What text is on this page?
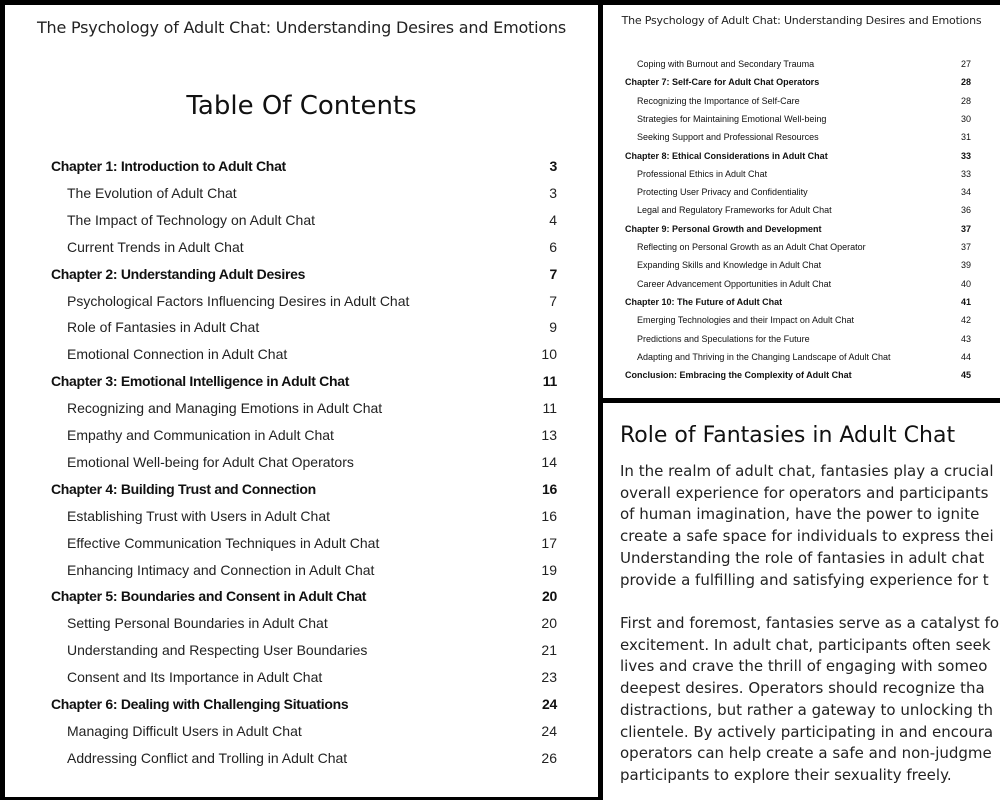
The Psychology of Adult Chat: Understanding Desires and Emotions
Table Of Contents
Chapter 1: Introduction to Adult Chat	3
The Evolution of Adult Chat	3
The Impact of Technology on Adult Chat	4
Current Trends in Adult Chat	6
Chapter 2: Understanding Adult Desires	7
Psychological Factors Influencing Desires in Adult Chat	7
Role of Fantasies in Adult Chat	9
Emotional Connection in Adult Chat	10
Chapter 3: Emotional Intelligence in Adult Chat	11
Recognizing and Managing Emotions in Adult Chat	11
Empathy and Communication in Adult Chat	13
Emotional Well-being for Adult Chat Operators	14
Chapter 4: Building Trust and Connection	16
Establishing Trust with Users in Adult Chat	16
Effective Communication Techniques in Adult Chat	17
Enhancing Intimacy and Connection in Adult Chat	19
Chapter 5: Boundaries and Consent in Adult Chat	20
Setting Personal Boundaries in Adult Chat	20
Understanding and Respecting User Boundaries	21
Consent and Its Importance in Adult Chat	23
Chapter 6: Dealing with Challenging Situations	24
Managing Difficult Users in Adult Chat	24
Addressing Conflict and Trolling in Adult Chat	26
The Psychology of Adult Chat: Understanding Desires and Emotions
Coping with Burnout and Secondary Trauma	27
Chapter 7: Self-Care for Adult Chat Operators	28
Recognizing the Importance of Self-Care	28
Strategies for Maintaining Emotional Well-being	30
Seeking Support and Professional Resources	31
Chapter 8: Ethical Considerations in Adult Chat	33
Professional Ethics in Adult Chat	33
Protecting User Privacy and Confidentiality	34
Legal and Regulatory Frameworks for Adult Chat	36
Chapter 9: Personal Growth and Development	37
Reflecting on Personal Growth as an Adult Chat Operator	37
Expanding Skills and Knowledge in Adult Chat	39
Career Advancement Opportunities in Adult Chat	40
Chapter 10: The Future of Adult Chat	41
Emerging Technologies and their Impact on Adult Chat	42
Predictions and Speculations for the Future	43
Adapting and Thriving in the Changing Landscape of Adult Chat	44
Conclusion: Embracing the Complexity of Adult Chat	45
Role of Fantasies in Adult Chat
In the realm of adult chat, fantasies play a crucial
overall experience for operators and participants
of human imagination, have the power to ignite
create a safe space for individuals to express thei
Understanding the role of fantasies in adult chat
provide a fulfilling and satisfying experience for t
First and foremost, fantasies serve as a catalyst fo
excitement. In adult chat, participants often seek
lives and crave the thrill of engaging with someo
deepest desires. Operators should recognize tha
distractions, but rather a gateway to unlocking th
clientele. By actively participating in and encoura
operators can help create a safe and non-judgme
participants to explore their sexuality freely.
